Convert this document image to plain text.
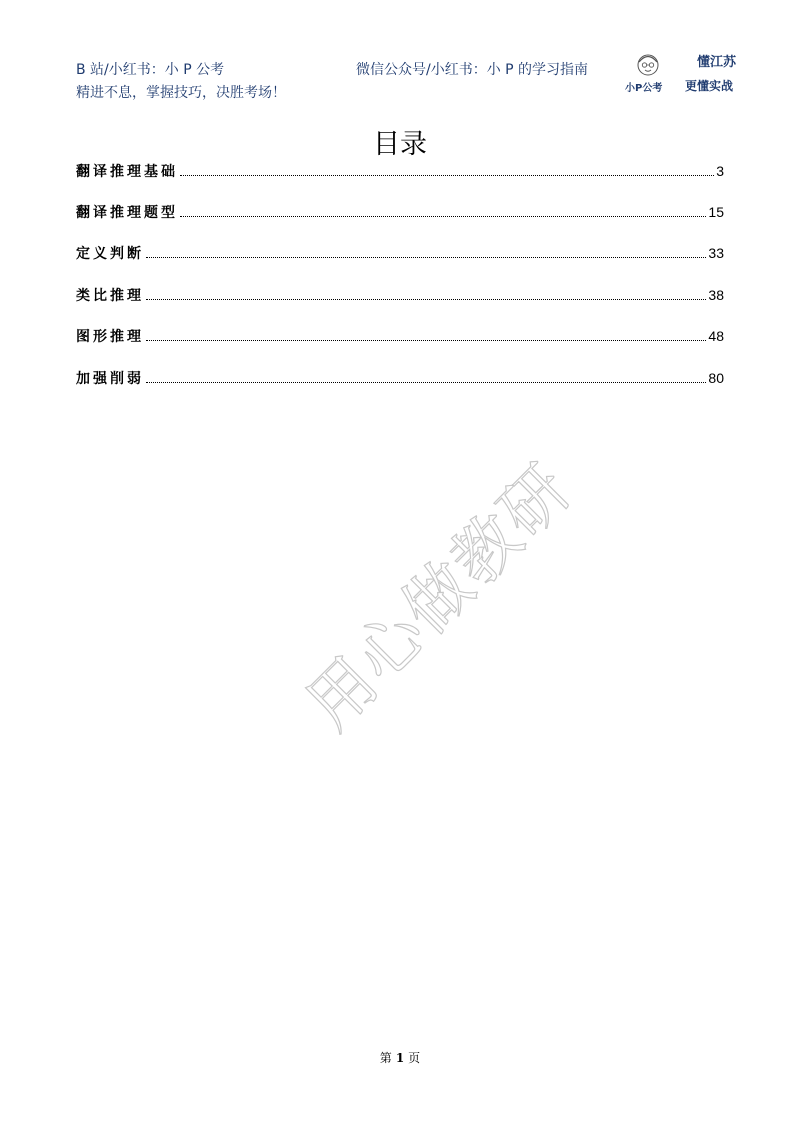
B 站/小红书：小 P 公考
精进不息，掌握技巧，决胜考场！
微信公众号/小红书：小 P 的学习指南
小P公考
懂江苏
更懂实战
目录
翻译推理基础	3
翻译推理题型	15
定义判断	33
类比推理	38
图形推理	48
加强削弱	80
用心做教研
第 1 页
